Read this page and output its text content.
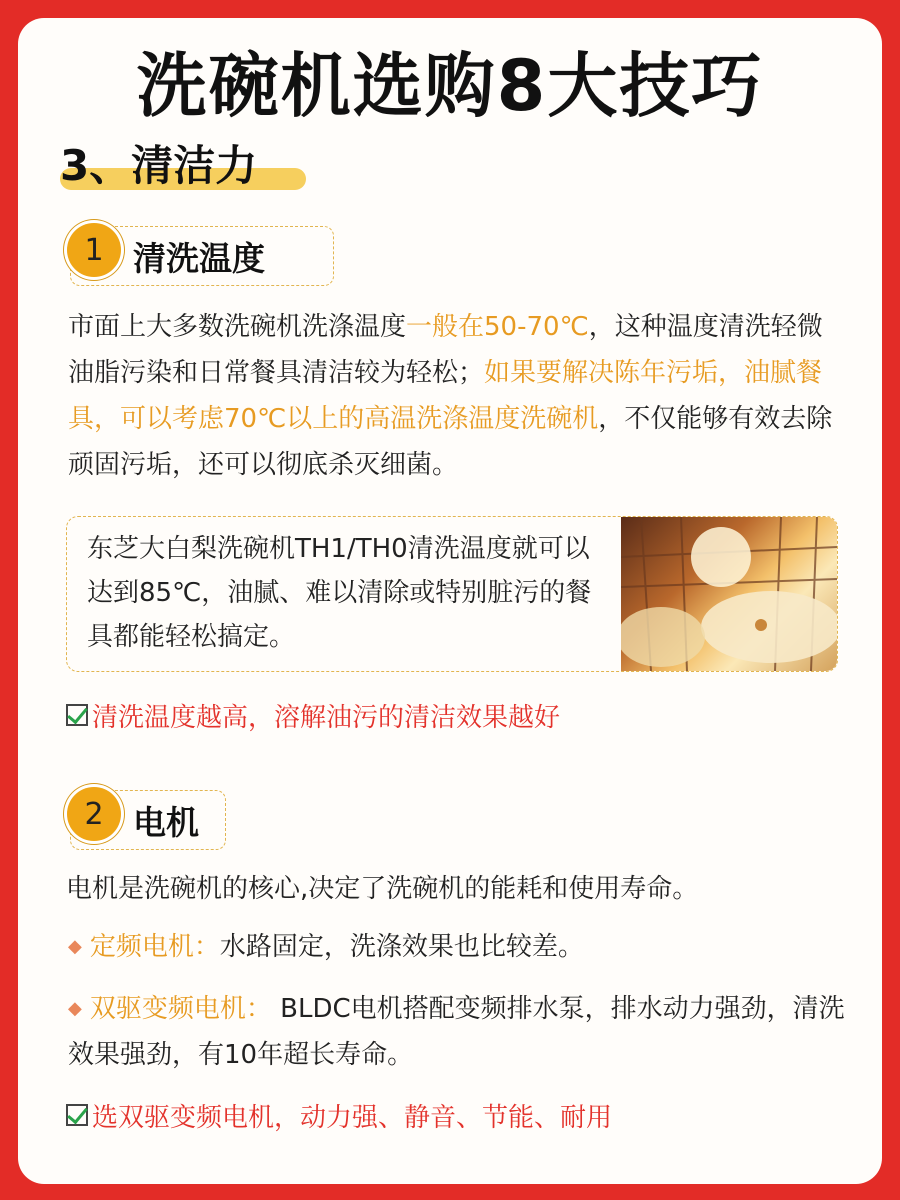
洗碗机选购8大技巧
3、清洁力
1 清洗温度
市面上大多数洗碗机洗涤温度一般在50-70℃，这种温度清洗轻微油脂污染和日常餐具清洁较为轻松；如果要解决陈年污垢，油腻餐具，可以考虑70℃以上的高温洗涤温度洗碗机，不仅能够有效去除顽固污垢，还可以彻底杀灭细菌。
东芝大白梨洗碗机TH1/TH0清洗温度就可以达到85℃，油腻、难以清除或特别脏污的餐具都能轻松搞定。
清洗温度越高，溶解油污的清洁效果越好
2 电机
电机是洗碗机的核心,决定了洗碗机的能耗和使用寿命。
◆ 定频电机：水路固定，洗涤效果也比较差。
◆ 双驱变频电机： BLDC电机搭配变频排水泵，排水动力强劲，清洗效果强劲，有10年超长寿命。
选双驱变频电机，动力强、静音、节能、耐用
